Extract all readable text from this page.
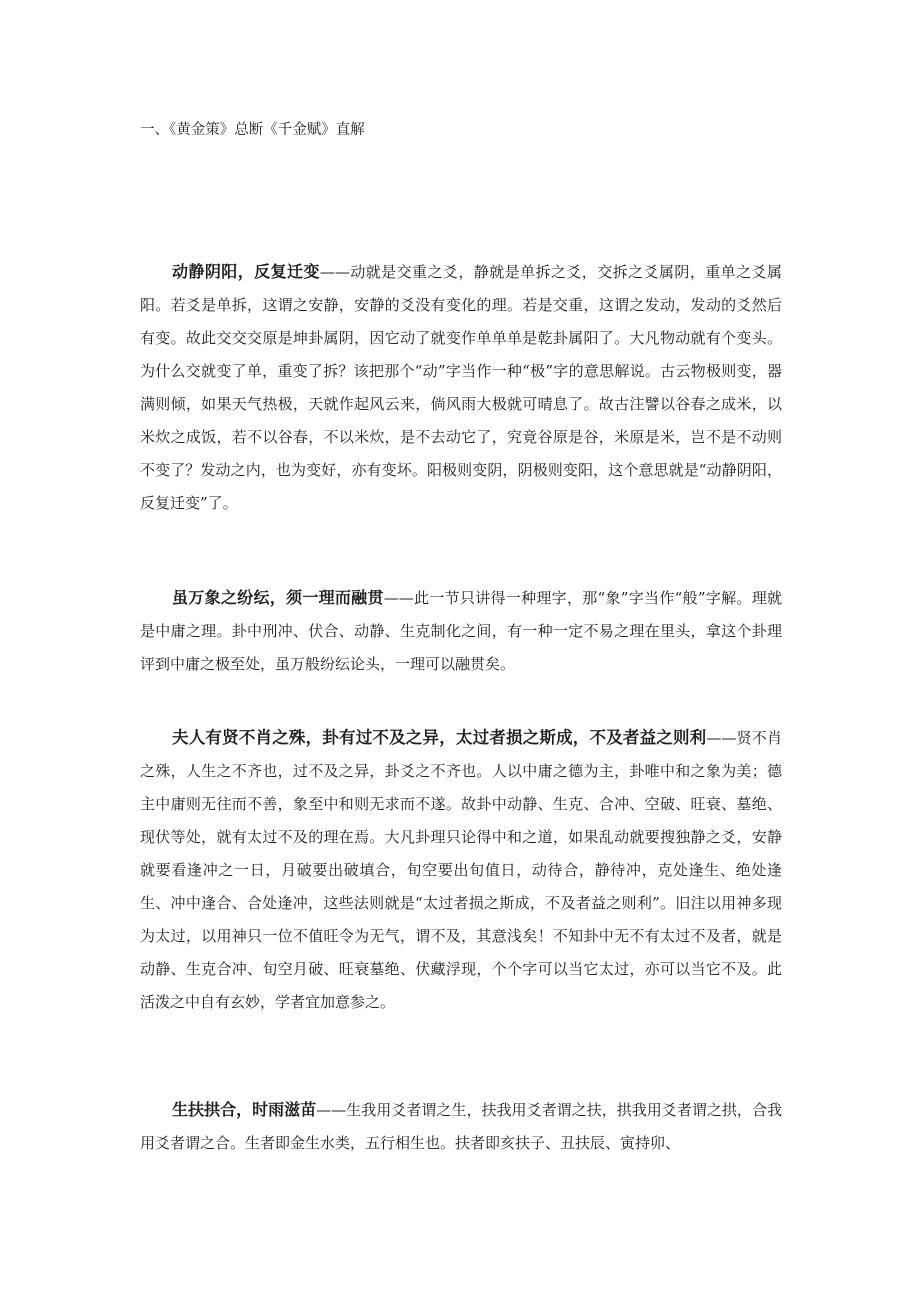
一、《黄金策》总断《千金赋》直解

动静阴阳，反复迁变——动就是交重之爻，静就是单拆之爻，交拆之爻属阴，重单之爻属阳。若爻是单拆，这谓之安静，安静的爻没有变化的理。若是交重，这谓之发动，发动的爻然后有变。故此交交交原是坤卦属阴，因它动了就变作单单单是乾卦属阳了。大凡物动就有个变头。为什么交就变了单，重变了拆？该把那个“动”字当作一种“极”字的意思解说。古云物极则变，器满则倾，如果天气热极，天就作起风云来，倘风雨大极就可晴息了。故古注譬以谷春之成米，以米炊之成饭，若不以谷春，不以米炊，是不去动它了，究竟谷原是谷，米原是米，岂不是不动则不变了？发动之内，也为变好，亦有变坏。阳极则变阴，阴极则变阳，这个意思就是“动静阴阳，反复迁变”了。

虽万象之纷纭，须一理而融贯——此一节只讲得一种理字，那“象”字当作“般”字解。理就是中庸之理。卦中刑冲、伏合、动静、生克制化之间，有一种一定不易之理在里头，拿这个卦理评到中庸之极至处，虽万般纷纭论头，一理可以融贯矣。

夫人有贤不肖之殊，卦有过不及之异，太过者损之斯成，不及者益之则利——贤不肖之殊，人生之不齐也，过不及之异，卦爻之不齐也。人以中庸之德为主，卦唯中和之象为美；德主中庸则无往而不善，象至中和则无求而不遂。故卦中动静、生克、合冲、空破、旺衰、墓绝、现伏等处，就有太过不及的理在焉。大凡卦理只论得中和之道，如果乱动就要搜独静之爻，安静就要看逢冲之一日，月破要出破填合，旬空要出旬值日，动待合，静待冲，克处逢生、绝处逢生、冲中逢合、合处逢冲，这些法则就是“太过者损之斯成，不及者益之则利”。旧注以用神多现为太过，以用神只一位不值旺令为无气，谓不及，其意浅矣！不知卦中无不有太过不及者，就是动静、生克合冲、旬空月破、旺衰墓绝、伏藏浮现，个个字可以当它太过，亦可以当它不及。此活泼之中自有玄妙，学者宜加意参之。

生扶拱合，时雨滋苗——生我用爻者谓之生，扶我用爻者谓之扶，拱我用爻者谓之拱，合我用爻者谓之合。生者即金生水类，五行相生也。扶者即亥扶子、丑扶辰、寅持卯、
